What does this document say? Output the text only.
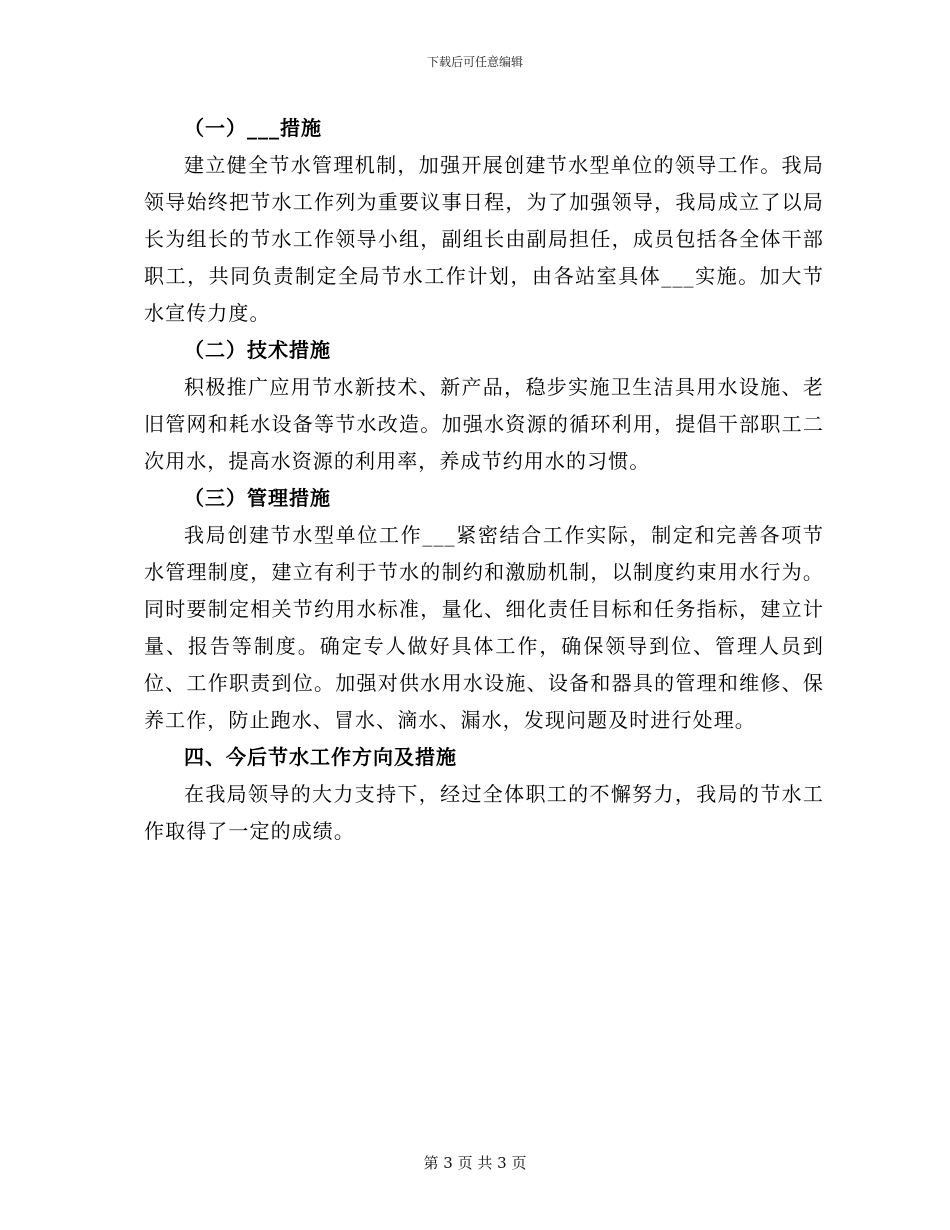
下载后可任意编辑
（一）___措施

建立健全节水管理机制，加强开展创建节水型单位的领导工作。我局领导始终把节水工作列为重要议事日程，为了加强领导，我局成立了以局长为组长的节水工作领导小组，副组长由副局担任，成员包括各全体干部职工，共同负责制定全局节水工作计划，由各站室具体___实施。加大节水宣传力度。

（二）技术措施

积极推广应用节水新技术、新产品，稳步实施卫生洁具用水设施、老旧管网和耗水设备等节水改造。加强水资源的循环利用，提倡干部职工二次用水，提高水资源的利用率，养成节约用水的习惯。

（三）管理措施

我局创建节水型单位工作___紧密结合工作实际，制定和完善各项节水管理制度，建立有利于节水的制约和激励机制，以制度约束用水行为。同时要制定相关节约用水标准，量化、细化责任目标和任务指标，建立计量、报告等制度。确定专人做好具体工作，确保领导到位、管理人员到位、工作职责到位。加强对供水用水设施、设备和器具的管理和维修、保养工作，防止跑水、冒水、滴水、漏水，发现问题及时进行处理。

四、今后节水工作方向及措施

在我局领导的大力支持下，经过全体职工的不懈努力，我局的节水工作取得了一定的成绩。

第 3 页 共 3 页
